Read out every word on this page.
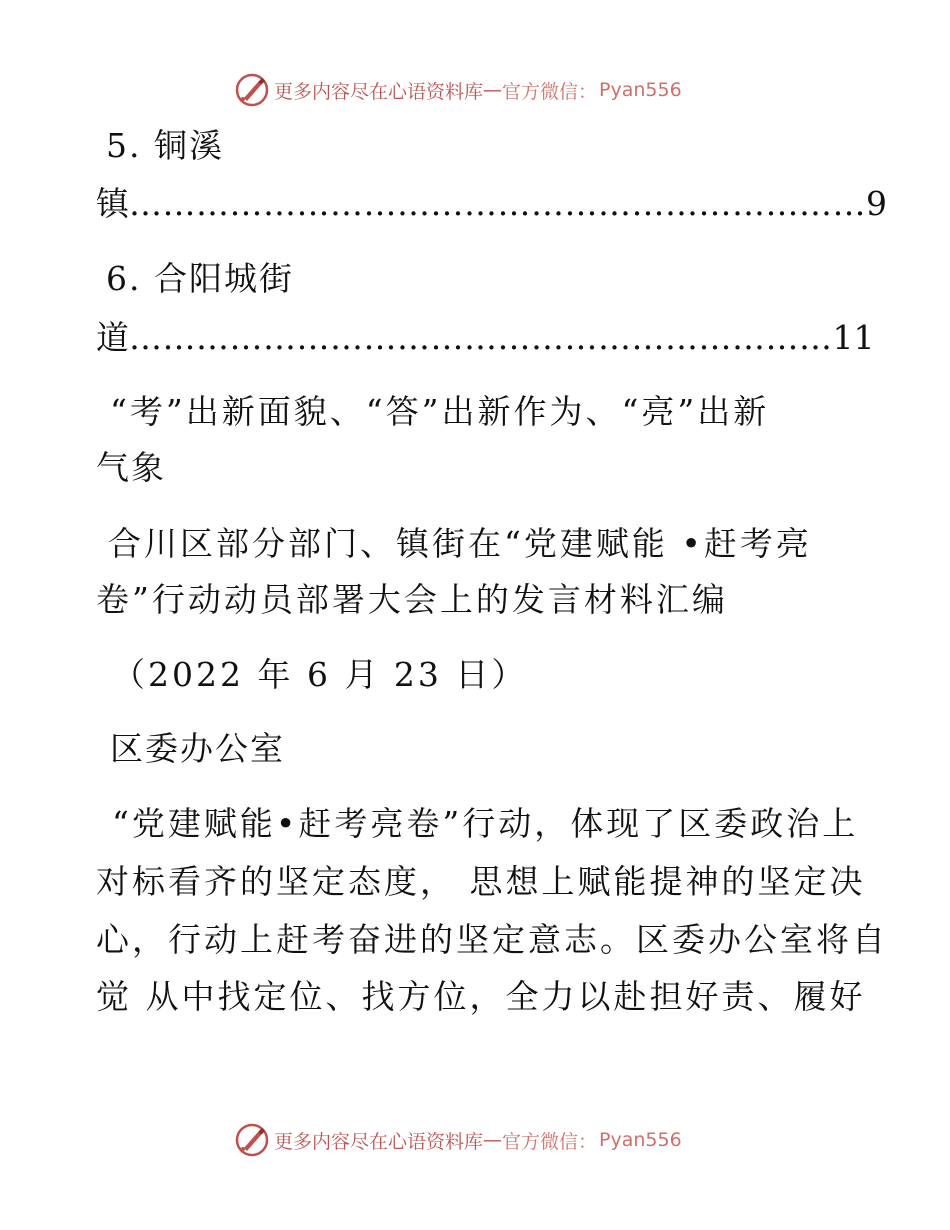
更多内容尽在心语资料库 — 官方微信： Pyan556
5. 铜溪
镇 ………………………………………………………… 9
6. 合阳城街
道 ……………………………………………………… 11
“考”出新面貌、“答”出新作为、“亮”出新
气象
合川区部分部门、镇街在“党建赋能 •赶考亮
卷”行动动员部署大会上的发言材料汇编
（2022 年 6 月 23 日）
区委办公室
“党建赋能•赶考亮卷”行动，体现了区委政治上
对标看齐的坚定态度， 思想上赋能提神的坚定决
心，行动上赶考奋进的坚定意志。区委办公室将自
觉 从中找定位、找方位，全力以赴担好责、履好
更多内容尽在心语资料库 — 官方微信： Pyan556
